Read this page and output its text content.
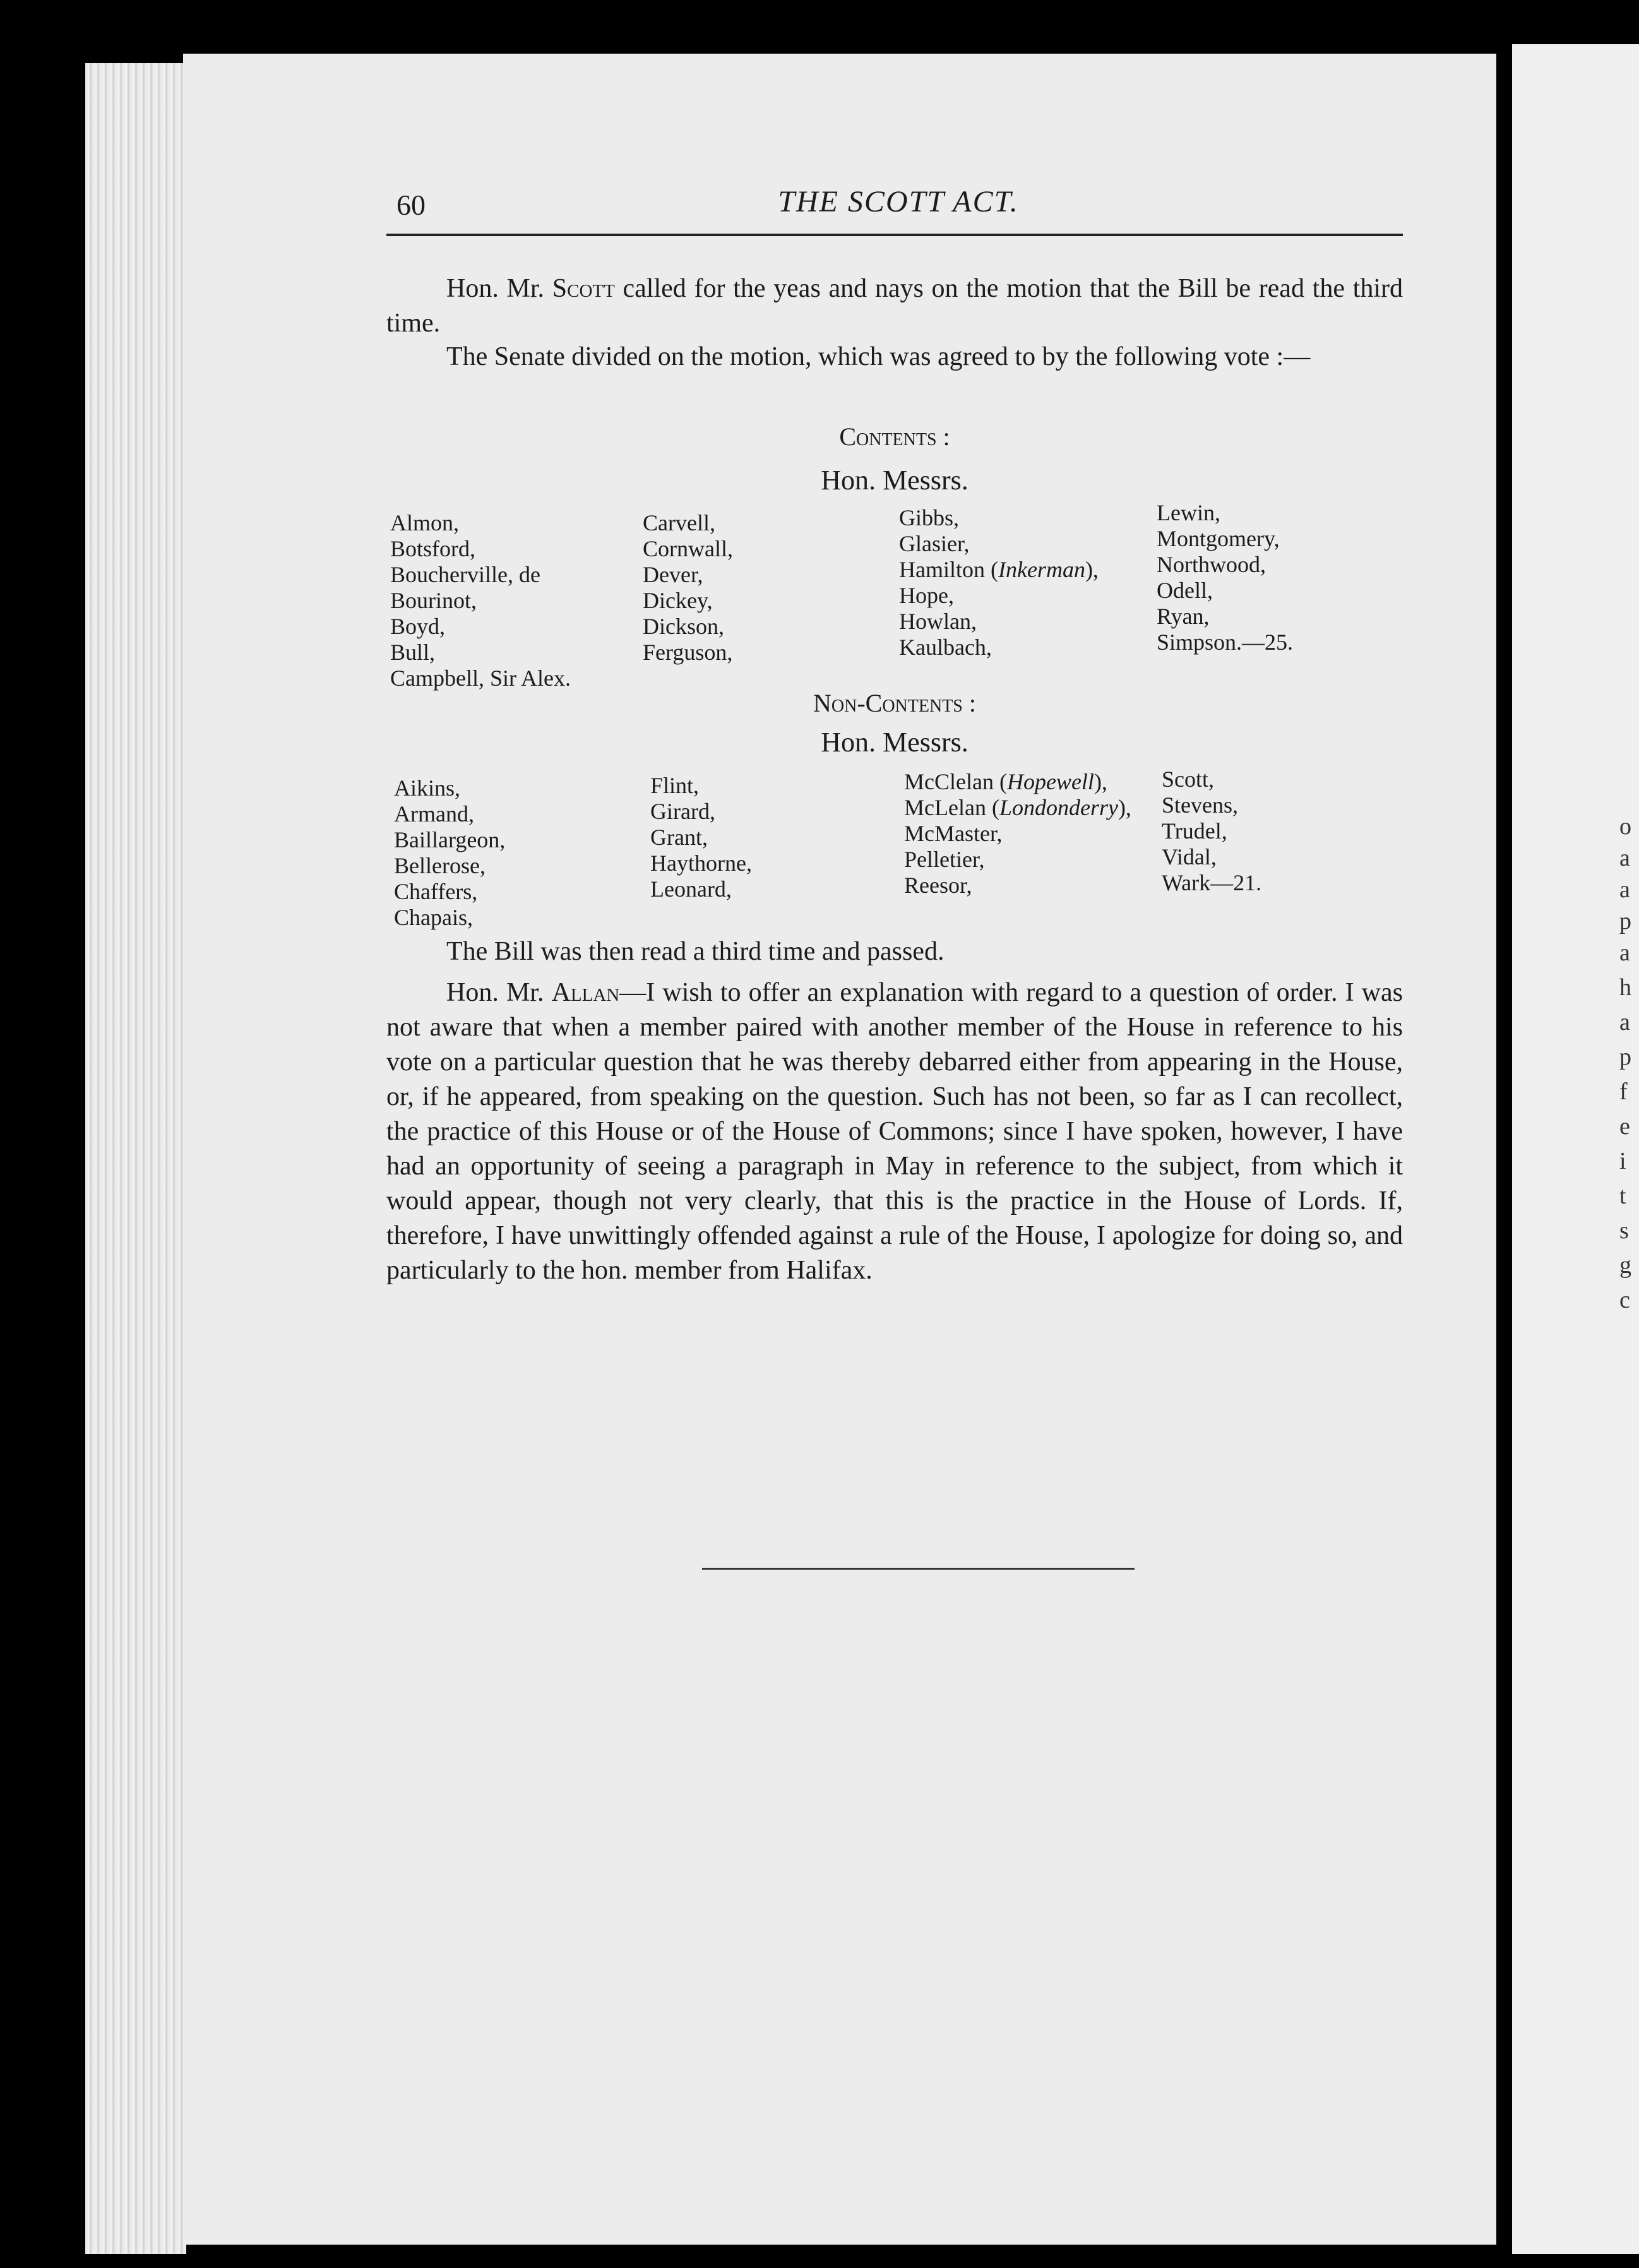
o
a
a
p
a
h
a
p
f
e
i
t
s
g
c
60	THE SCOTT ACT.

Hon. Mr. Scott called for the yeas and nays on the motion that the Bill be read the third time.

The Senate divided on the motion, which was agreed to by the following vote :—

Contents :
Hon. Messrs.
Almon,
Botsford,
Boucherville, de
Bourinot,
Boyd,
Bull,
Campbell, Sir Alex.
Carvell,
Cornwall,
Dever,
Dickey,
Dickson,
Ferguson,
Gibbs,
Glasier,
Hamilton (Inkerman),
Hope,
Howlan,
Kaulbach,
Lewin,
Montgomery,
Northwood,
Odell,
Ryan,
Simpson.—25.
Non-Contents :
Hon. Messrs.
Aikins,
Armand,
Baillargeon,
Bellerose,
Chaffers,
Chapais,
Flint,
Girard,
Grant,
Haythorne,
Leonard,
McClelan (Hopewell),
McLelan (Londonderry),
McMaster,
Pelletier,
Reesor,
Scott,
Stevens,
Trudel,
Vidal,
Wark—21.

The Bill was then read a third time and passed.

Hon. Mr. Allan—I wish to offer an explanation with regard to a question of order. I was not aware that when a member paired with another member of the House in reference to his vote on a particular question that he was thereby debarred either from appearing in the House, or, if he appeared, from speaking on the question. Such has not been, so far as I can recollect, the practice of this House or of the House of Commons; since I have spoken, however, I have had an opportunity of seeing a paragraph in May in reference to the subject, from which it would appear, though not very clearly, that this is the practice in the House of Lords. If, therefore, I have unwittingly offended against a rule of the House, I apologize for doing so, and particularly to the hon. member from Halifax.
